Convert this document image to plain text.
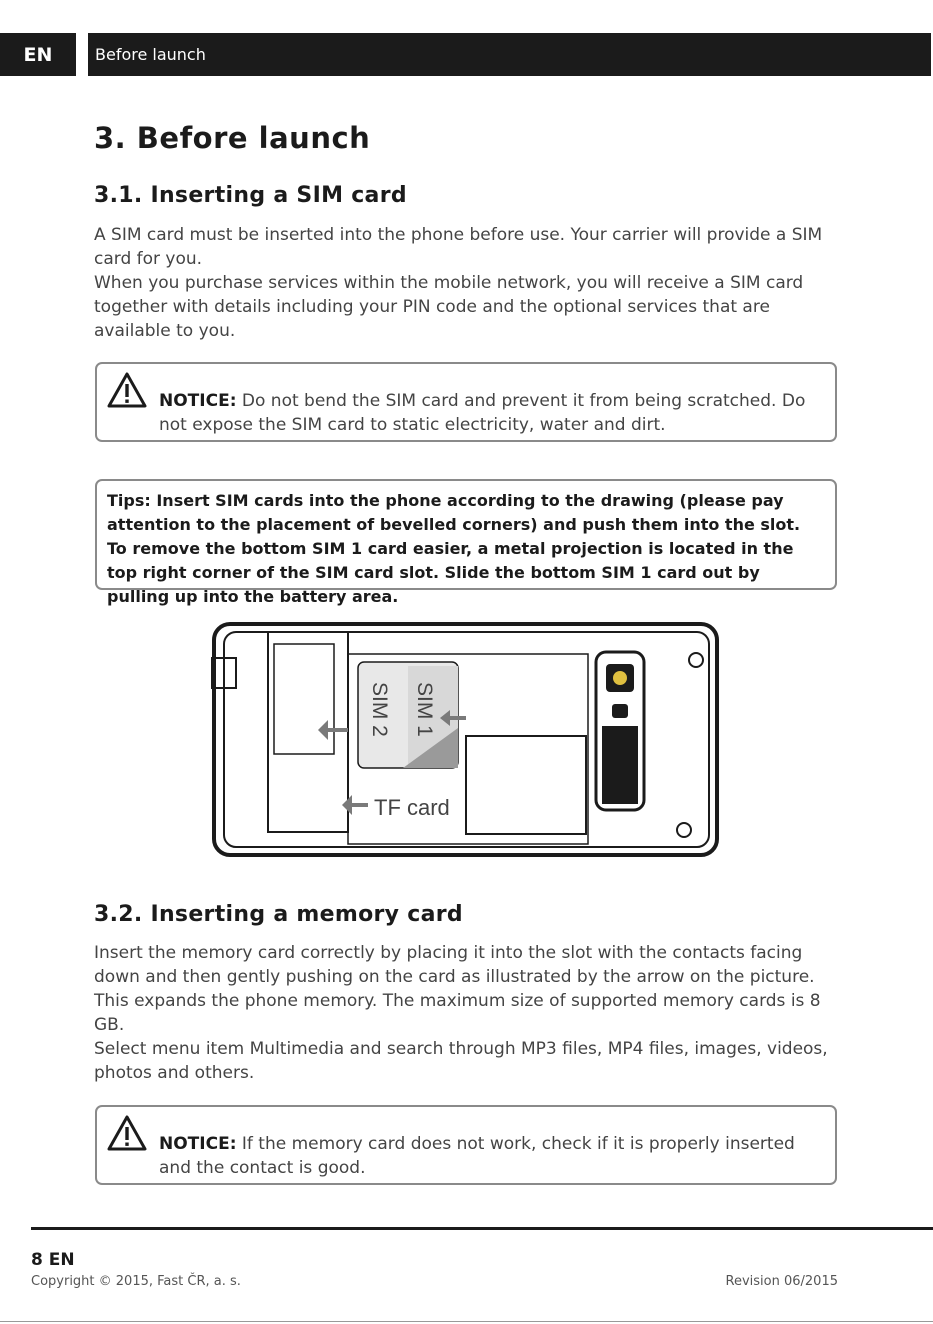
EN	Before launch
3. Before launch
3.1. Inserting a SIM card

A SIM card must be inserted into the phone before use. Your carrier will provide a SIM card for you.

When you purchase services within the mobile network, you will receive a SIM card together with details including your PIN code and the optional services that are available to you.

NOTICE: Do not bend the SIM card and prevent it from being scratched. Do not expose the SIM card to static electricity, water and dirt.
Tips: Insert SIM cards into the phone according to the drawing (please pay attention to the placement of bevelled corners) and push them into the slot. To remove the bottom SIM 1 card easier, a metal projection is located in the top right corner of the SIM card slot. Slide the bottom SIM 1 card out by pulling up into the battery area.
SIM 1
SIM 2
TF card
3.2. Inserting a memory card

Insert the memory card correctly by placing it into the slot with the contacts facing down and then gently pushing on the card as illustrated by the arrow on the picture. This expands the phone memory. The maximum size of supported memory cards is 8 GB.

Select menu item Multimedia and search through MP3 files, MP4 files, images, videos, photos and others.

NOTICE: If the memory card does not work, check if it is properly inserted and the contact is good.
8 EN
Copyright © 2015, Fast ČR, a. s.	Revision 06/2015
